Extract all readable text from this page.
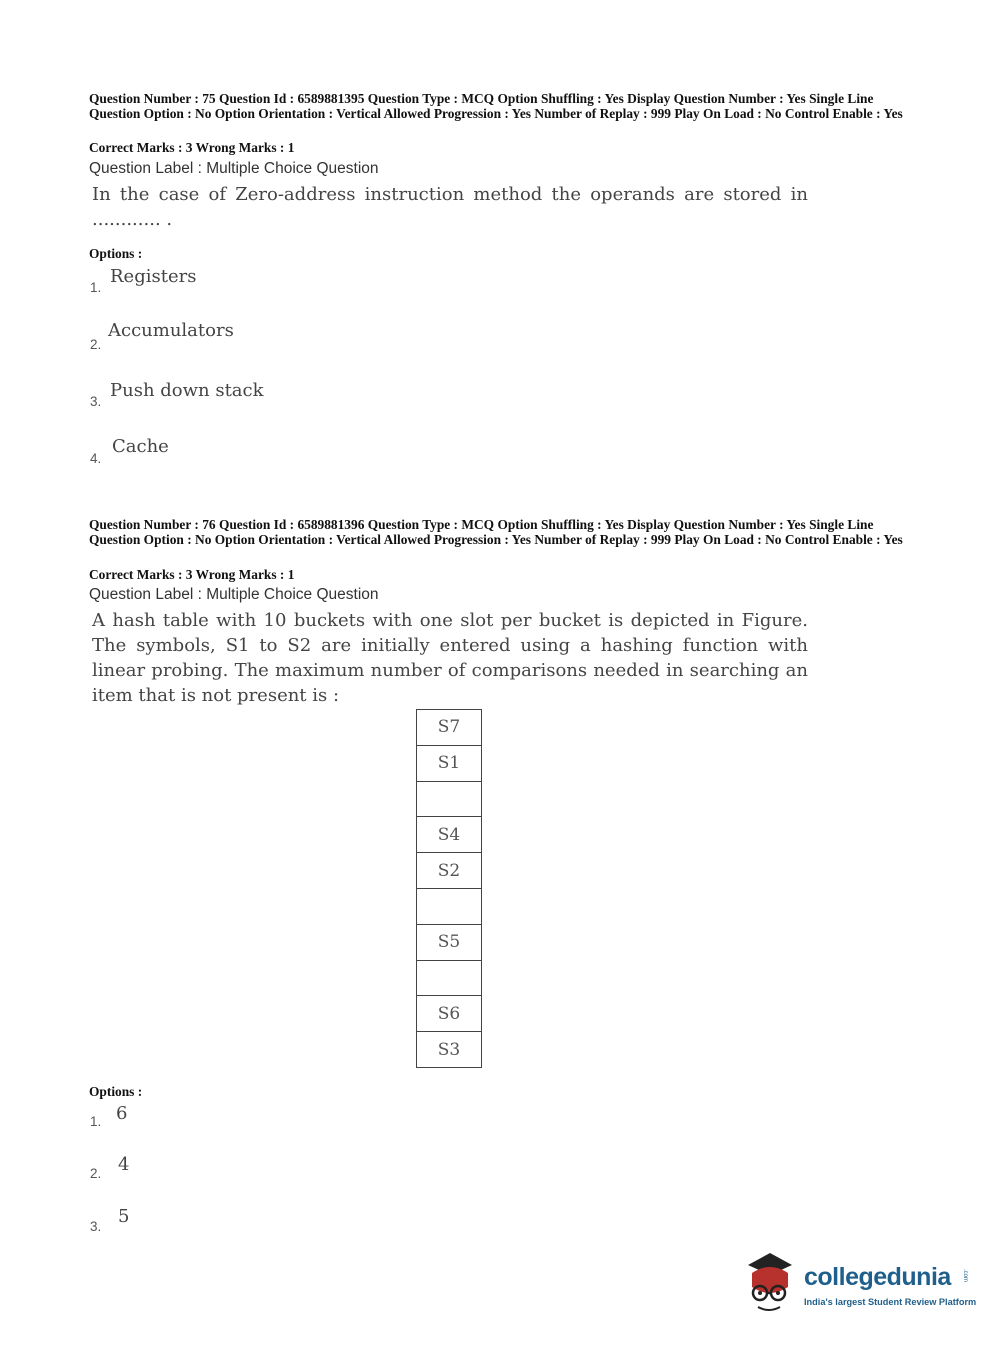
Question Number : 75 Question Id : 6589881395 Question Type : MCQ Option Shuffling : Yes Display Question Number : Yes Single Line Question Option : No Option Orientation : Vertical Allowed Progression : Yes Number of Replay : 999 Play On Load : No Control Enable : Yes
Correct Marks : 3 Wrong Marks : 1
Question Label : Multiple Choice Question
In the case of Zero-address instruction method the operands are stored in ............ .
Options :
1.
Registers
2.
Accumulators
3.
Push down stack
4.
Cache
Question Number : 76 Question Id : 6589881396 Question Type : MCQ Option Shuffling : Yes Display Question Number : Yes Single Line Question Option : No Option Orientation : Vertical Allowed Progression : Yes Number of Replay : 999 Play On Load : No Control Enable : Yes
Correct Marks : 3 Wrong Marks : 1
Question Label : Multiple Choice Question
A hash table with 10 buckets with one slot per bucket is depicted in Figure. The symbols, S1 to S2 are initially entered using a hashing function with linear probing. The maximum number of comparisons needed in searching an item that is not present is :
S7
S1
S4
S2
S5
S6
S3
Options :
1. 6
2. 4
3. 5
collegedunia .com
India's largest Student Review Platform
